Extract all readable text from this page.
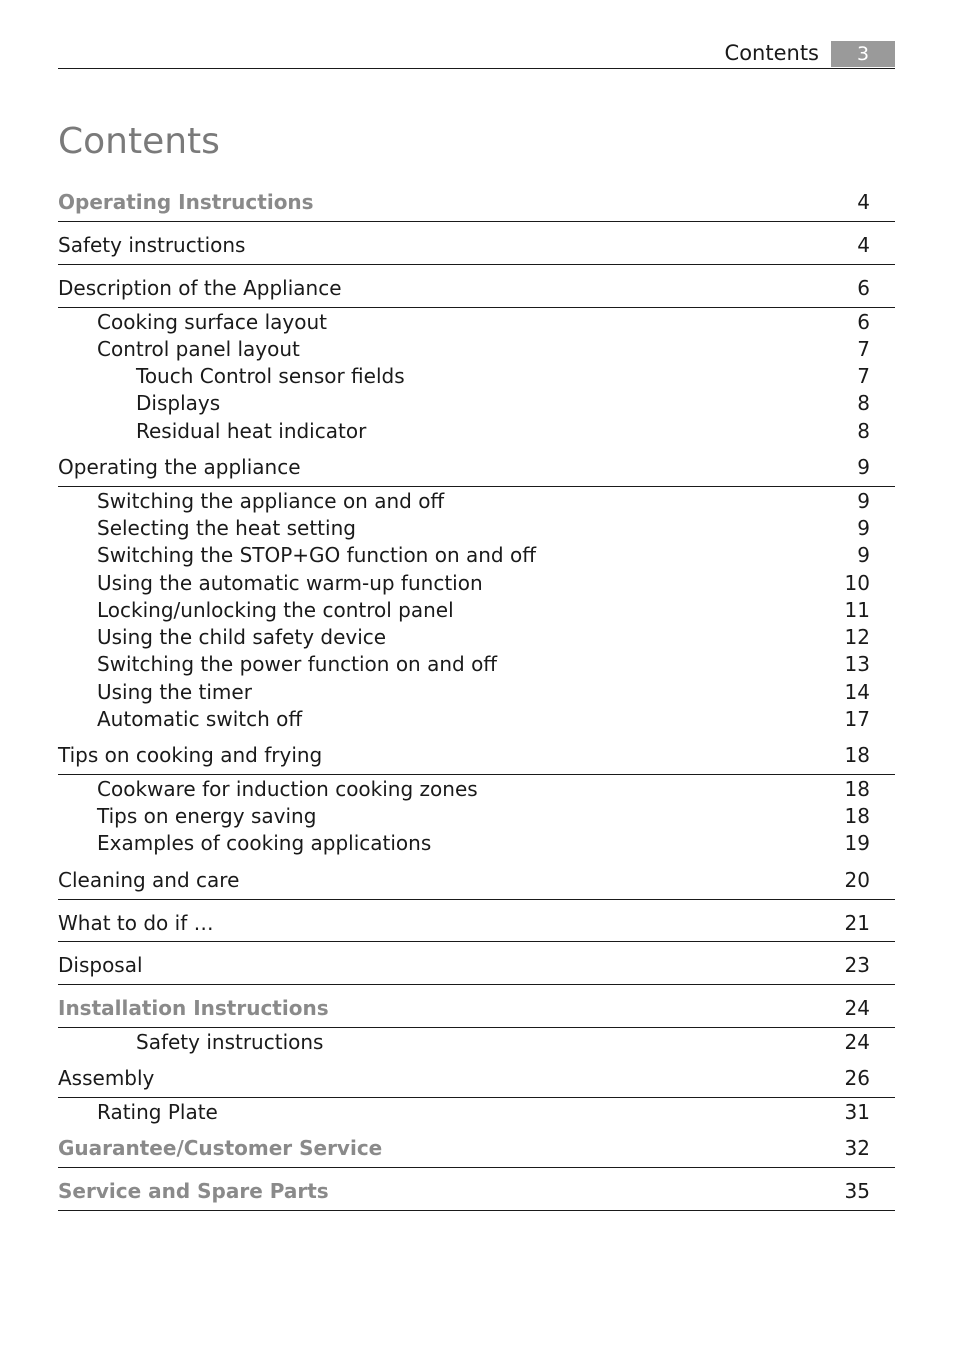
Contents	3
Contents
Operating Instructions	4
Safety instructions	4
Description of the Appliance	6
Cooking surface layout	6
Control panel layout	7
Touch Control sensor fields	7
Displays	8
Residual heat indicator	8
Operating the appliance	9
Switching the appliance on and off	9
Selecting the heat setting	9
Switching the STOP+GO function on and off	9
Using the automatic warm-up function	10
Locking/unlocking the control panel	11
Using the child safety device	12
Switching the power function on and off	13
Using the timer	14
Automatic switch off	17
Tips on cooking and frying	18
Cookware for induction cooking zones	18
Tips on energy saving	18
Examples of cooking applications	19
Cleaning and care	20
What to do if …	21
Disposal	23
Installation Instructions	24
Safety instructions	24
Assembly	26
Rating Plate	31
Guarantee/Customer Service	32
Service and Spare Parts	35
